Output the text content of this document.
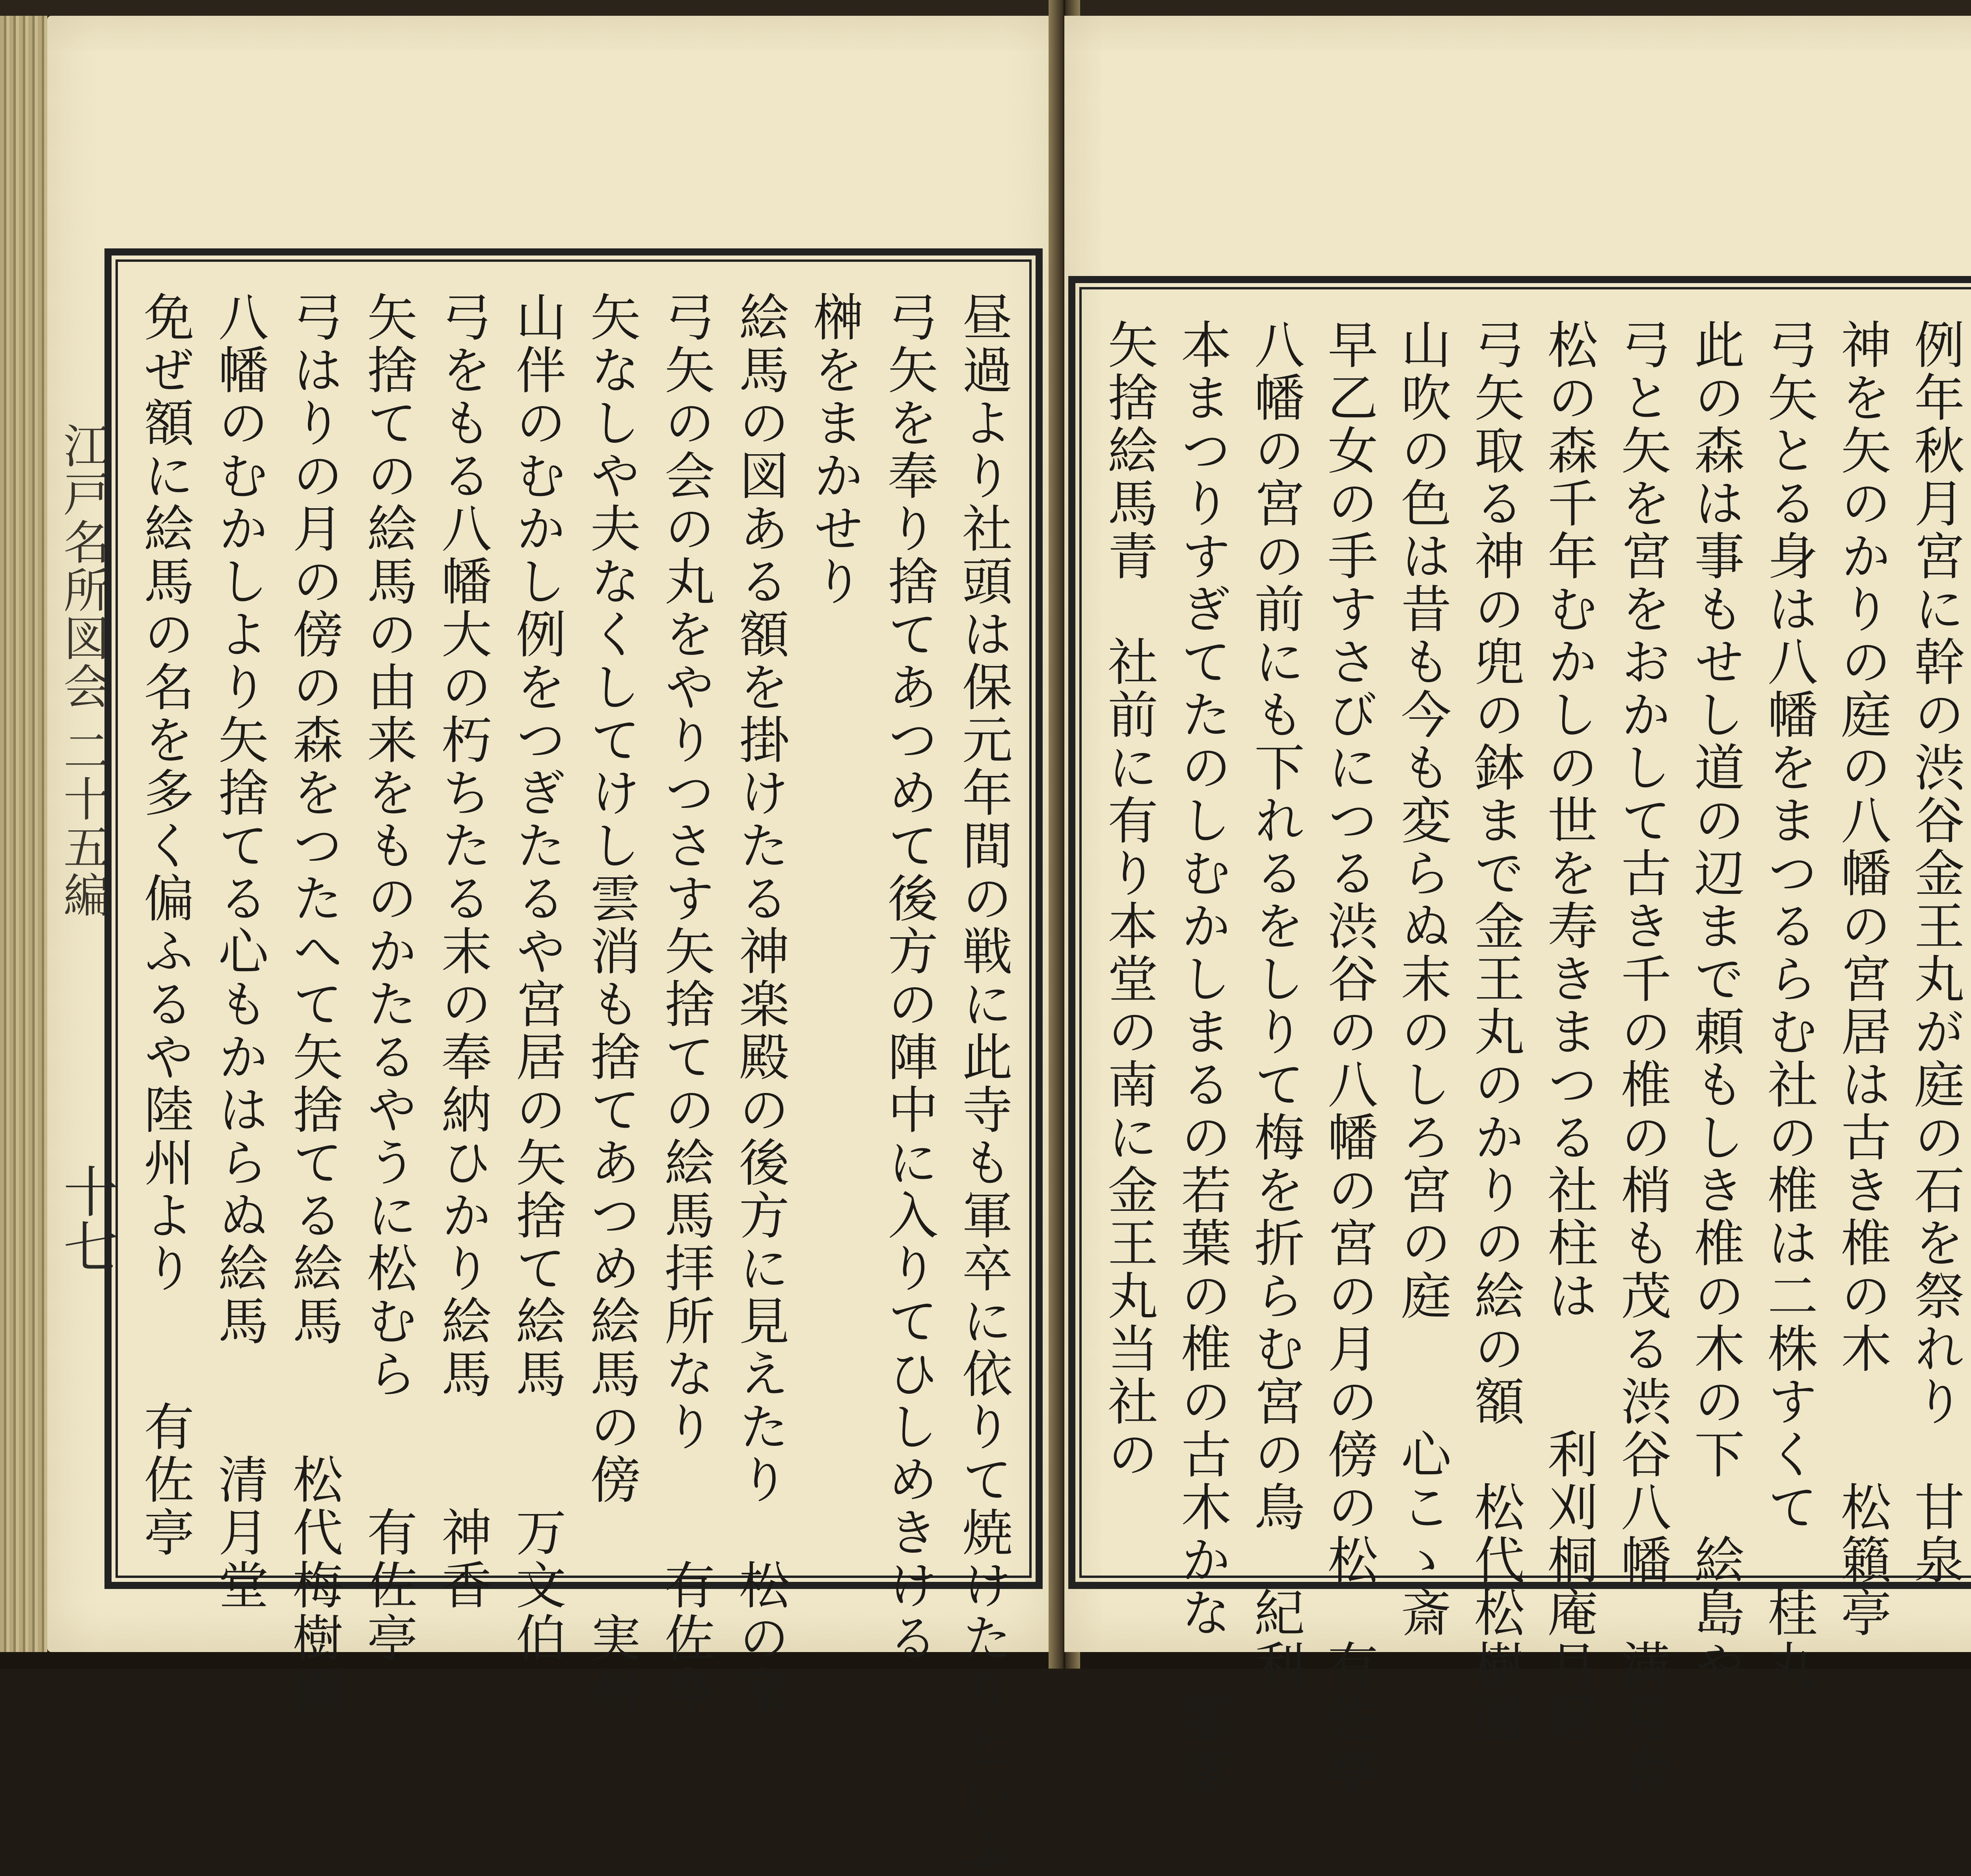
江戸名所図会 二十五編
十七	昼過より社頭は保元年間の戦に此寺も軍卒に依りて焼けたりといふ
弓矢を奉り捨てあつめて後方の陣中に入りてひしめきける
榊をまかせり
絵馬の図ある額を掛けたる神楽殿の後方に見えたり　松の家
弓矢の会の丸をやりつさす矢捨ての絵馬拝所なり　　有佐亭
矢なしや夫なくしてけし雲消も捨てあつめ絵馬の傍　　実州
山伴のむかし例をつぎたるや宮居の矢捨て絵馬　　万文伯
弓をもる八幡大の朽ちたる末の奉納ひかり絵馬　　神香
矢捨ての絵馬の由来をものかたるやうに松むら　　有佐亭
弓はりの月の傍の森をつたへて矢捨てる絵馬　　松代梅樹園
八幡のむかしより矢捨てる心もかはらぬ絵馬　　清月堂
免ぜ額に絵馬の名を多く偏ふるや陸州より　　有佐亭	例年秋月宮に幹の渋谷金王丸が庭の石を祭れり　甘泉
神を矢のかりの庭の八幡の宮居は古き椎の木　　松籟亭
弓矢とる身は八幡をまつるらむ社の椎は二株すくて　桂丸
此の森は事もせし道の辺まで頼もしき椎の木の下　絵島や
弓と矢を宮をおかして古き千の椎の梢も茂る渋谷八幡　満月舎
松の森千年むかしの世を寿きまつる社柱は　　利刈桐庵月居
弓矢取る神の兜の鉢まで金王丸のかりの絵の額　松代松樹園
山吹の色は昔も今も変らぬ末のしろ宮の庭　　心こゝ斎
早乙女の手すさびにつる渋谷の八幡の宮の月の傍の松　有佐亭
八幡の宮の前にも下れるをしりて梅を折らむ宮の鳥　紀利
本まつりすぎてたのしむかしまるの若葉の椎の古木かな　那彦
矢捨絵馬青　社前に有り本堂の南に金王丸当社の
